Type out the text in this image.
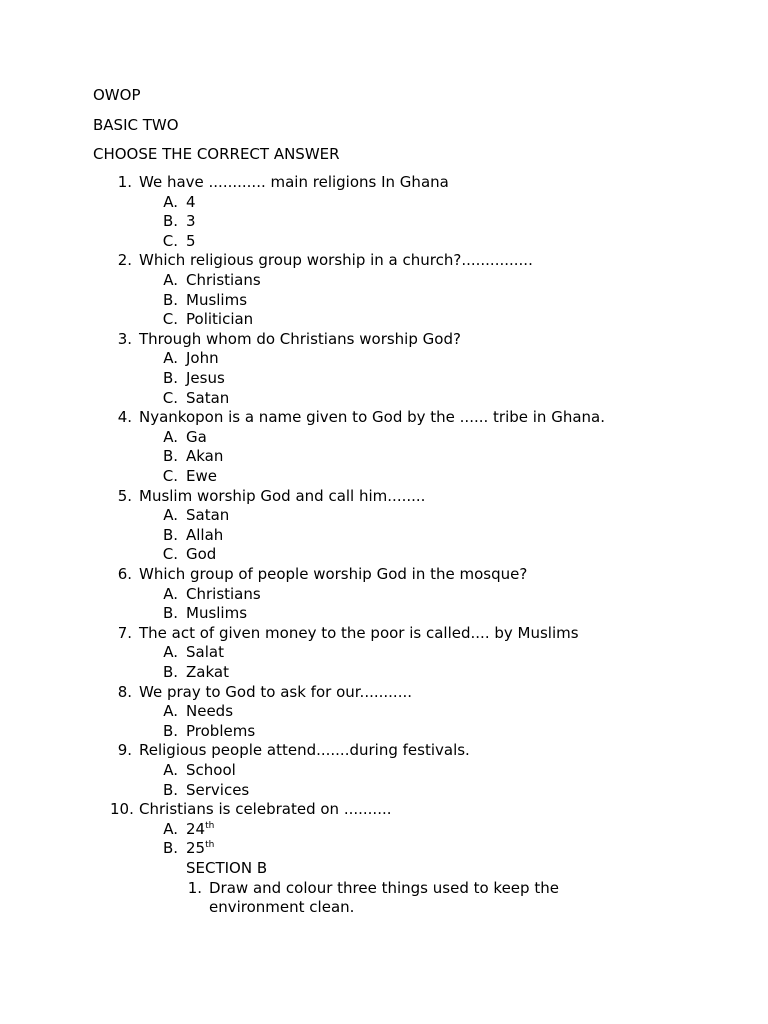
OWOP
BASIC TWO
CHOOSE THE CORRECT ANSWER
1. We have ............ main religions In Ghana
A. 4
B. 3
C. 5
2. Which religious group worship in a church?...............
A. Christians
B. Muslims
C. Politician
3. Through whom do Christians worship God?
A. John
B. Jesus
C. Satan
4. Nyankopon is a name given to God by the ...... tribe in Ghana.
A. Ga
B. Akan
C. Ewe
5. Muslim worship God and call him........
A. Satan
B. Allah
C. God
6. Which group of people worship God in the mosque?
A. Christians
B. Muslims
7. The act of given money to the poor is called.... by Muslims
A. Salat
B. Zakat
8. We pray to God to ask for our...........
A. Needs
B. Problems
9. Religious people attend.......during festivals.
A. School
B. Services
10. Christians is celebrated on ..........
A. 24th
B. 25th
SECTION B
1. Draw and colour three things used to keep the
environment clean.
